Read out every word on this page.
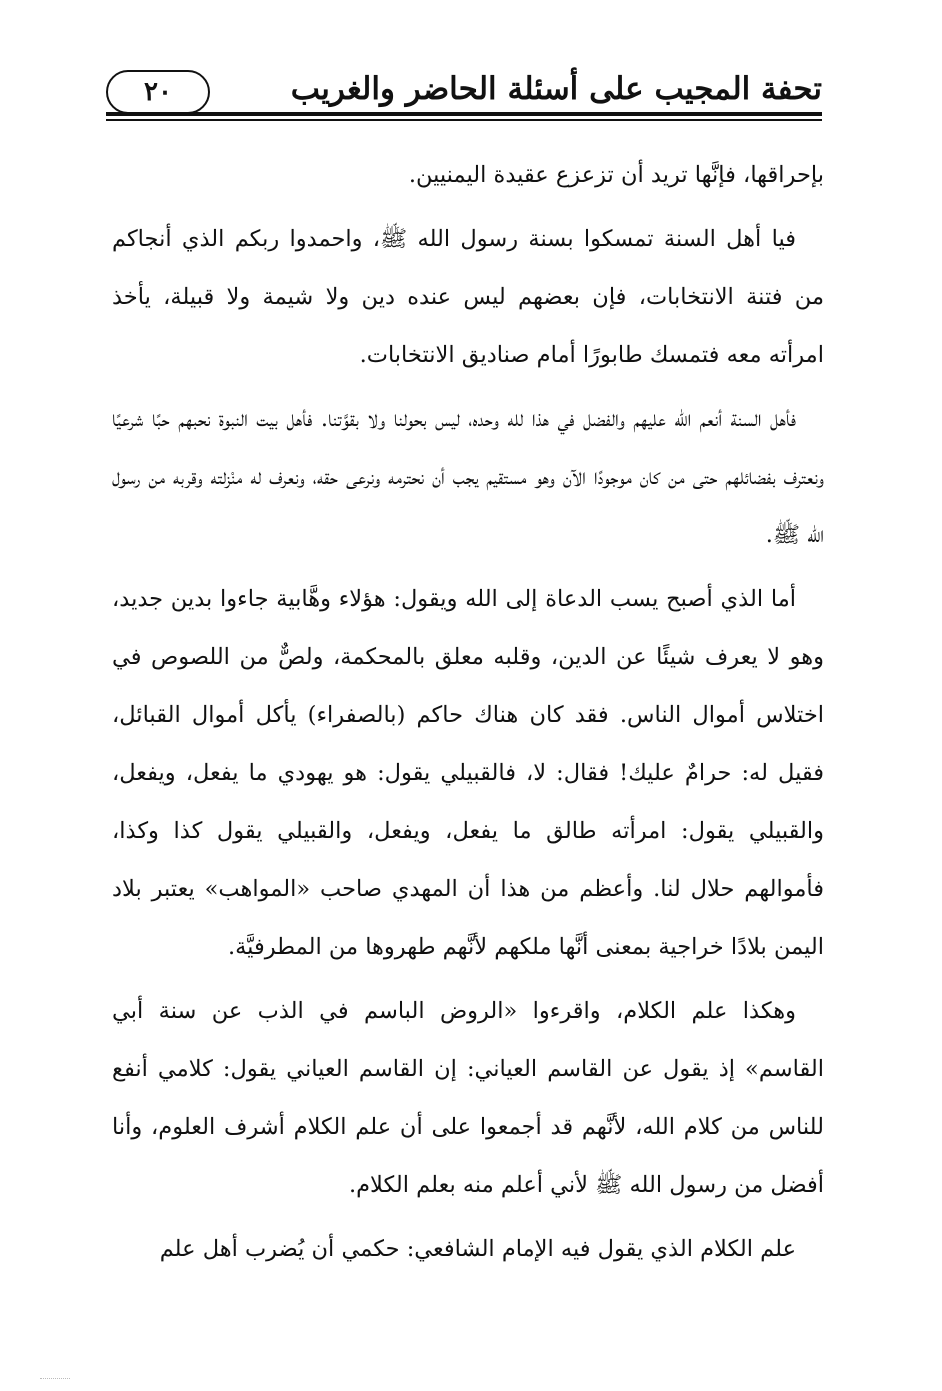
٢٠	تحفة المجيب على أسئلة الحاضر والغريب

بإحراقها، فإنَّها تريد أن تزعزع عقيدة اليمنيين.

فيا أهل السنة تمسكوا بسنة رسول الله ﷺ، واحمدوا ربكم الذي أنجاكم من فتنة الانتخابات، فإن بعضهم ليس عنده دين ولا شيمة ولا قبيلة، يأخذ امرأته معه فتمسك طابورًا أمام صناديق الانتخابات.

فأهل السنة أنعم الله عليهم والفضل في هذا لله وحده، ليس بحولنا ولا بقوَّتنا. فأهل بيت النبوة نحبهم حبًا شرعيًا ونعترف بفضائلهم حتى من كان موجودًا الآن وهو مستقيم يجب أن نحترمه ونرعى حقه، ونعرف له منْزلته وقربه من رسول الله ﷺ.

أما الذي أصبح يسب الدعاة إلى الله ويقول: هؤلاء وهَّابية جاءوا بدين جديد، وهو لا يعرف شيئًا عن الدين، وقلبه معلق بالمحكمة، ولصٌّ من اللصوص في اختلاس أموال الناس. فقد كان هناك حاكم (بالصفراء) يأكل أموال القبائل، فقيل له: حرامٌ عليك! فقال: لا، فالقبيلي يقول: هو يهودي ما يفعل، ويفعل، والقبيلي يقول: امرأته طالق ما يفعل، ويفعل، والقبيلي يقول كذا وكذا، فأموالهم حلال لنا. وأعظم من هذا أن المهدي صاحب «المواهب» يعتبر بلاد اليمن بلادًا خراجية بمعنى أنَّها ملكهم لأنَّهم طهروها من المطرفيَّة.

وهكذا علم الكلام، واقرءوا «الروض الباسم في الذب عن سنة أبي القاسم» إذ يقول عن القاسم العياني: إن القاسم العياني يقول: كلامي أنفع للناس من كلام الله، لأنَّهم قد أجمعوا على أن علم الكلام أشرف العلوم، وأنا أفضل من رسول الله ﷺ لأني أعلم منه بعلم الكلام.

علم الكلام الذي يقول فيه الإمام الشافعي: حكمي أن يُضرب أهل علم
